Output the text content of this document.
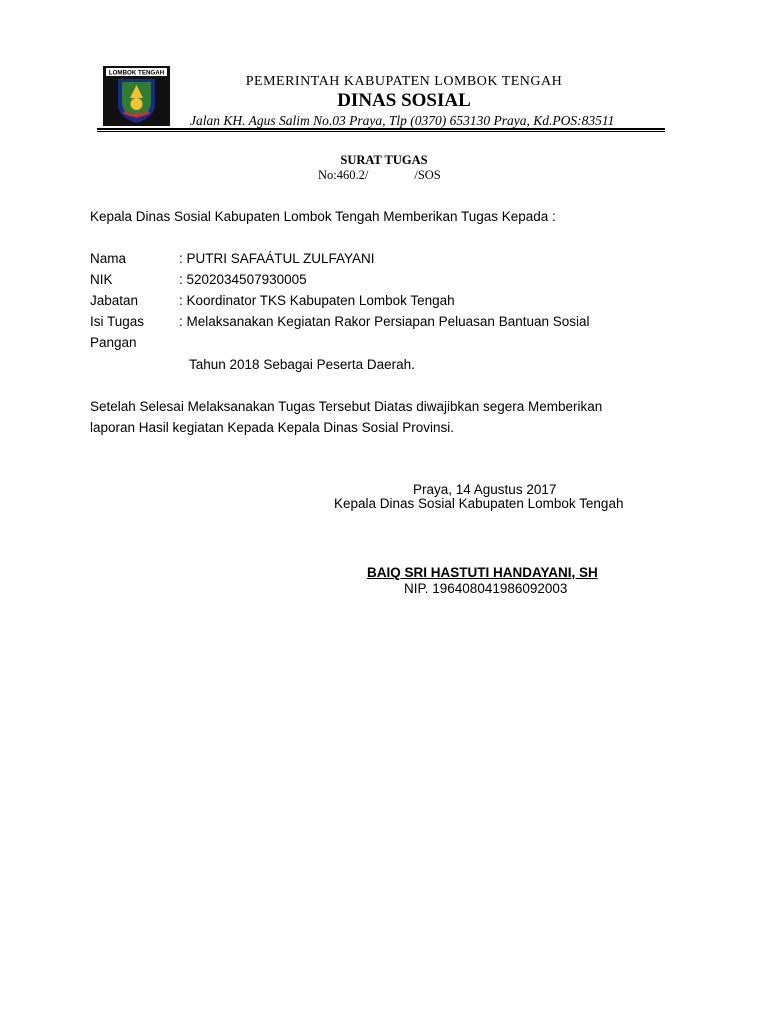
LOMBOK TENGAH
PEMERINTAH KABUPATEN LOMBOK TENGAH
DINAS SOSIAL
Jalan KH. Agus Salim No.03 Praya, Tlp (0370) 653130 Praya, Kd.POS:83511
SURAT TUGAS
No:460.2/	/SOS
Kepala Dinas Sosial Kabupaten Lombok Tengah Memberikan Tugas Kepada :
Nama	: PUTRI SAFAÁTUL ZULFAYANI
NIK	: 5202034507930005
Jabatan	: Koordinator TKS Kabupaten Lombok Tengah
Isi Tugas	: Melaksanakan Kegiatan Rakor Persiapan Peluasan Bantuan Sosial
Pangan
Tahun 2018 Sebagai Peserta Daerah.
Setelah Selesai Melaksanakan Tugas Tersebut Diatas diwajibkan segera Memberikan
laporan Hasil kegiatan Kepada Kepala Dinas Sosial Provinsi.
Praya, 14 Agustus 2017
Kepala Dinas Sosial Kabupaten Lombok Tengah
BAIQ SRI HASTUTI HANDAYANI, SH
NIP. 196408041986092003
